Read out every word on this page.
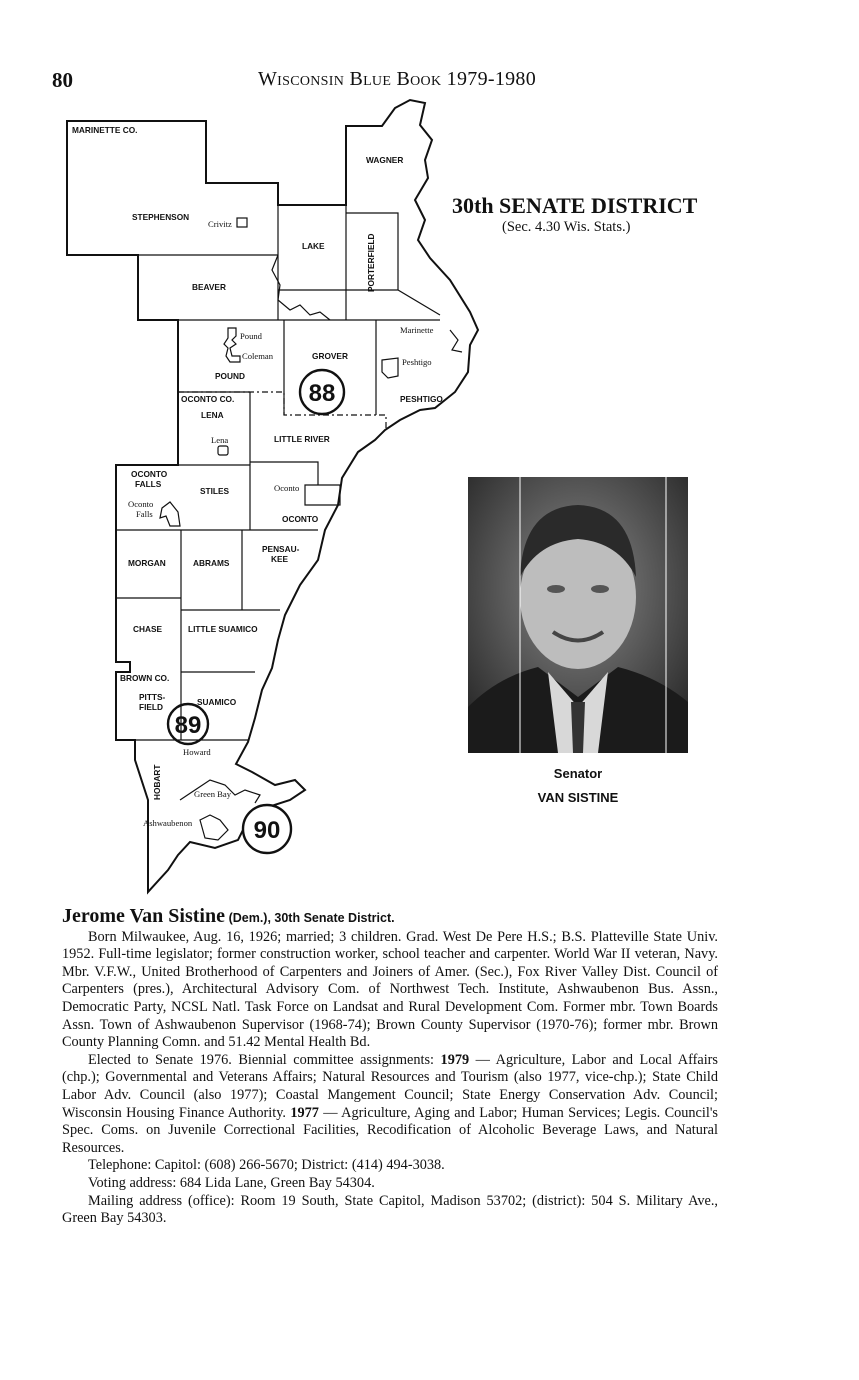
80	Wisconsin Blue Book 1979-1980
30th SENATE DISTRICT
(Sec. 4.30 Wis. Stats.)
MARINETTE CO.
OCONTO CO.
BROWN CO.
WAGNER
STEPHENSON
LAKE	PORTERFIELD
BEAVER
GROVER
POUND
PESHTIGO
LENA
LITTLE RIVER
OCONTO
FALLS
STILES
OCONTO
PENSAU-
KEE
MORGAN	ABRAMS
CHASE	LITTLE SUAMICO
PITTS-
FIELD	SUAMICO
HOBART
Crivitz
Pound
Coleman
Marinette
Peshtigo
Lena
Oconto
Oconto
Falls
Howard
Green Bay
Ashwaubenon
88
89
90
Senator
VAN SISTINE

Jerome Van Sistine (Dem.), 30th Senate District.

Born Milwaukee, Aug. 16, 1926; married; 3 children. Grad. West De Pere H.S.; B.S. Platteville State Univ. 1952. Full-time legislator; former construction worker, school teacher and carpenter. World War II veteran, Navy. Mbr. V.F.W., United Brotherhood of Carpenters and Joiners of Amer. (Sec.), Fox River Valley Dist. Council of Carpenters (pres.), Architectural Advisory Com. of Northwest Tech. Institute, Ashwaubenon Bus. Assn., Democratic Party, NCSL Natl. Task Force on Landsat and Rural Development Com. Former mbr. Town Boards Assn. Town of Ashwaubenon Supervisor (1968-74); Brown County Supervisor (1970-76); former mbr. Brown County Planning Comn. and 51.42 Mental Health Bd.

Elected to Senate 1976. Biennial committee assignments: 1979 — Agriculture, Labor and Local Affairs (chp.); Governmental and Veterans Affairs; Natural Resources and Tourism (also 1977, vice-chp.); State Child Labor Adv. Council (also 1977); Coastal Mangement Council; State Energy Conservation Adv. Council; Wisconsin Housing Finance Authority. 1977 — Agriculture, Aging and Labor; Human Services; Legis. Council's Spec. Coms. on Juvenile Correctional Facilities, Recodification of Alcoholic Beverage Laws, and Natural Resources.

Telephone: Capitol: (608) 266-5670; District: (414) 494-3038.

Voting address: 684 Lida Lane, Green Bay 54304.

Mailing address (office): Room 19 South, State Capitol, Madison 53702; (district): 504 S. Military Ave., Green Bay 54303.
